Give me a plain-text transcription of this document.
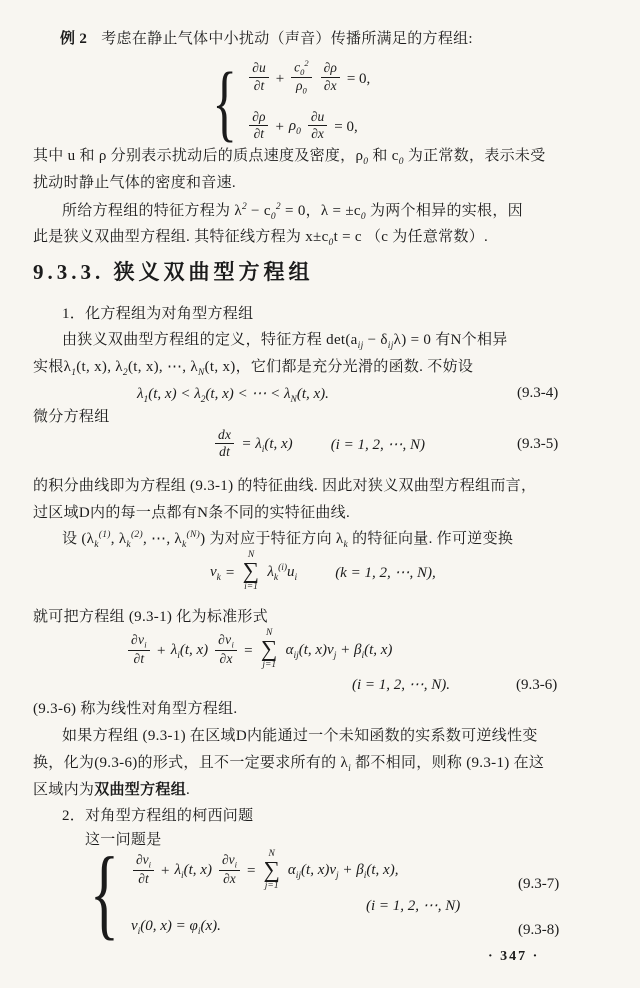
例 2 考虑在静止气体中小扰动（声音）传播所满足的方程组:
{ $\frac{\partial u}{\partial t} + \frac{c_0^2}{\rho_0} \frac{\partial\rho}{\partial x} = 0$,
$\frac{\partial\rho}{\partial t} + \rho_0 \frac{\partial u}{\partial x} = 0$,
其中 u 和 ρ 分别表示扰动后的质点速度及密度，$\rho_0$ 和 $c_0$ 为正常数，表示未受
扰动时静止气体的密度和音速.
所给方程组的特征方程为 $\lambda^2 - c_0^2 = 0$，$\lambda = \pm c_0$ 为两个相异的实根，因
此是狭义双曲型方程组. 其特征线方程为 $x\pm c_0t = c$ （c 为任意常数）.
9.3.3. 狭义双曲型方程组
1．化方程组为对角型方程组
由狭义双曲型方程组的定义，特征方程 $\det(a_{ij} - \delta_{ij}\lambda) = 0$ 有N个相异
实根$\lambda_1(t$, x), $\lambda_2(t$, x), ⋯, $\lambda_N(t$, x)，它们都是充分光滑的函数. 不妨设
$\lambda_1(t$, $x) < \lambda_2(t$, x) < ⋯ < $\lambda_N(t$, x).	(9.3-4)
微分方程组
$\frac{dx}{dt} = \lambda_i(t$, x)	(i = 1, 2, ⋯, N)	(9.3-5)
的积分曲线即为方程组 (9.3-1) 的特征曲线. 因此对狭义双曲型方程组而言，
过区域D内的每一点都有N条不同的实特征曲线.
设 ($\lambda_k^{(1)}$, $\lambda_k^{(2)}$, ⋯, $\lambda_k^{(N)}$) 为对应于特征方向 $\lambda_k$ 的特征向量. 作可逆变换
$v_k$ =
N
∑
i=1
$\lambda_k^{(i)}u_i$	(k = 1, 2, ⋯, N),
就可把方程组 (9.3-1) 化为标准形式
$\frac{\partial v_i}{\partial t} + \lambda_i(t$, $x) \frac{\partial v_i}{\partial x}$ =
N
∑
j=1
$\alpha_{ij}(t$, $x)v_j + \beta_i(t$, x)
(i = 1, 2, ⋯, N).	(9.3-6)
(9.3-6) 称为线性对角型方程组.
如果方程组 (9.3-1) 在区域D内能通过一个未知函数的实系数可逆线性变
换，化为(9.3-6)的形式，且不一定要求所有的 $\lambda_i$ 都不相同，则称 (9.3-1) 在这
区域内为双曲型方程组.
2．对角型方程组的柯西问题
这一问题是
{ $\frac{\partial v_i}{\partial t} + \lambda_i(t$, $x) \frac{\partial v_i}{\partial x}$ =
N
∑
j=1
$\alpha_{ij}(t$, $x)v_j + \beta_i(t$, x),
(i = 1, 2, ⋯, N)
$v_i(0$, $x) = \varphi_i(x)$.
(9.3-7)
(9.3-8)
· 347 ·
